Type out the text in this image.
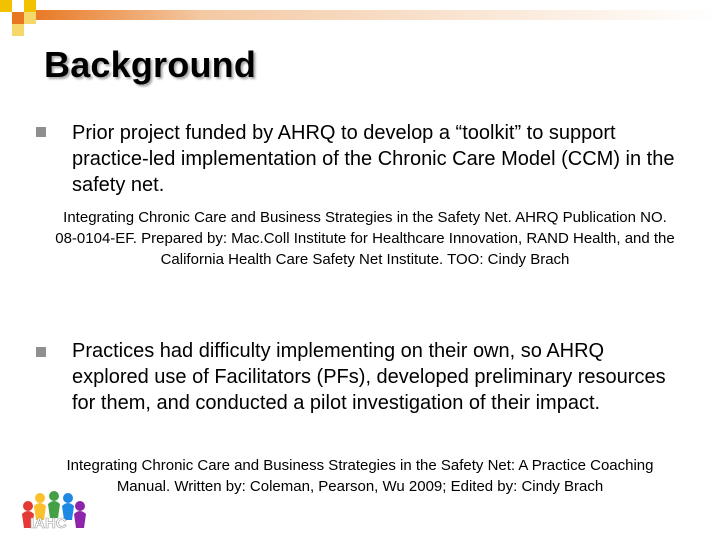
Background
Prior project funded by AHRQ to develop a “toolkit” to support practice-led implementation of the Chronic Care Model (CCM) in the safety net.
Integrating Chronic Care and Business Strategies in the Safety Net. AHRQ Publication NO. 08-0104-EF. Prepared by: Mac.Coll Institute for Healthcare Innovation, RAND Health, and the California Health Care Safety Net Institute. TOO: Cindy Brach
Practices had difficulty implementing on their own, so AHRQ explored use of Facilitators (PFs), developed preliminary resources for them, and conducted a pilot investigation of their impact.
Integrating Chronic Care and Business Strategies in the Safety Net: A Practice Coaching Manual. Written by: Coleman, Pearson, Wu 2009; Edited by: Cindy Brach
IAHC
